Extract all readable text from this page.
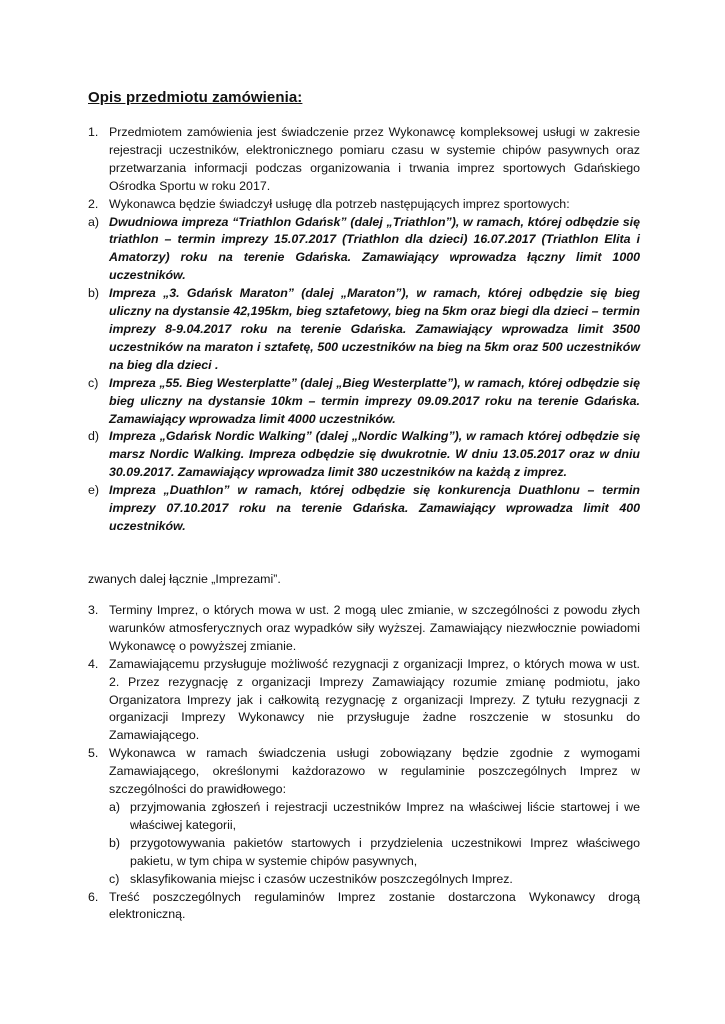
Opis przedmiotu zamówienia:
1. Przedmiotem zamówienia jest świadczenie przez Wykonawcę kompleksowej usługi w zakresie rejestracji uczestników, elektronicznego pomiaru czasu w systemie chipów pasywnych oraz przetwarzania informacji podczas organizowania i trwania imprez sportowych Gdańskiego Ośrodka Sportu w roku 2017.
2. Wykonawca będzie świadczył usługę dla potrzeb następujących imprez sportowych:
a) Dwudniowa impreza “Triathlon Gdańsk” (dalej „Triathlon”), w ramach, której odbędzie się triathlon – termin imprezy 15.07.2017 (Triathlon dla dzieci) 16.07.2017 (Triathlon Elita i Amatorzy) roku na terenie Gdańska. Zamawiający wprowadza łączny limit 1000 uczestników.
b) Impreza „3. Gdańsk Maraton” (dalej „Maraton”), w ramach, której odbędzie się bieg uliczny na dystansie 42,195km, bieg sztafetowy, bieg na 5km oraz biegi dla dzieci – termin imprezy 8-9.04.2017 roku na terenie Gdańska. Zamawiający wprowadza limit 3500 uczestników na maraton i sztafetę, 500 uczestników na bieg na 5km oraz 500 uczestników na bieg dla dzieci .
c) Impreza „55. Bieg Westerplatte” (dalej „Bieg Westerplatte”), w ramach, której odbędzie się bieg uliczny na dystansie 10km – termin imprezy 09.09.2017 roku na terenie Gdańska. Zamawiający wprowadza limit 4000 uczestników.
d) Impreza „Gdańsk Nordic Walking” (dalej „Nordic Walking”), w ramach której odbędzie się marsz Nordic Walking. Impreza odbędzie się dwukrotnie. W dniu 13.05.2017 oraz w dniu 30.09.2017. Zamawiający wprowadza limit 380 uczestników na każdą z imprez.
e) Impreza „Duathlon” w ramach, której odbędzie się konkurencja Duathlonu – termin imprezy 07.10.2017 roku na terenie Gdańska. Zamawiający wprowadza limit 400 uczestników.
zwanych dalej łącznie „Imprezami”.
3. Terminy Imprez, o których mowa w ust. 2 mogą ulec zmianie, w szczególności z powodu złych warunków atmosferycznych oraz wypadków siły wyższej. Zamawiający niezwłocznie powiadomi Wykonawcę o powyższej zmianie.
4. Zamawiającemu przysługuje możliwość rezygnacji z organizacji Imprez, o których mowa w ust. 2. Przez rezygnację z organizacji Imprezy Zamawiający rozumie zmianę podmiotu, jako Organizatora Imprezy jak i całkowitą rezygnację z organizacji Imprezy. Z tytułu rezygnacji z organizacji Imprezy Wykonawcy nie przysługuje żadne roszczenie w stosunku do Zamawiającego.
5. Wykonawca w ramach świadczenia usługi zobowiązany będzie zgodnie z wymogami Zamawiającego, określonymi każdorazowo w regulaminie poszczególnych Imprez w szczególności do prawidłowego:
a) przyjmowania zgłoszeń i rejestracji uczestników Imprez na właściwej liście startowej i we właściwej kategorii,
b) przygotowywania pakietów startowych i przydzielenia uczestnikowi Imprez właściwego pakietu, w tym chipa w systemie chipów pasywnych,
c) sklasyfikowania miejsc i czasów uczestników poszczególnych Imprez.
6. Treść poszczególnych regulaminów Imprez zostanie dostarczona Wykonawcy drogą elektroniczną.
